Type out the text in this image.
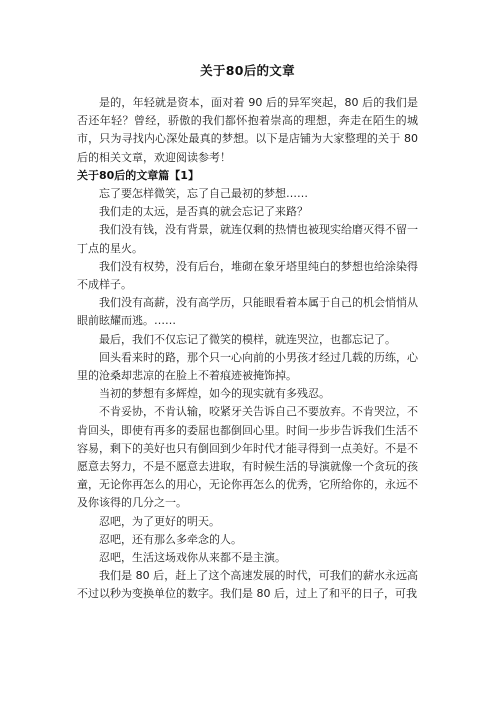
关于80后的文章

是的，年轻就是资本，面对着 90 后的异军突起，80 后的我们是否还年轻？曾经，骄傲的我们都怀抱着崇高的理想，奔走在陌生的城市，只为寻找内心深处最真的梦想。以下是店铺为大家整理的关于 80 后的相关文章，欢迎阅读参考！

关于80后的文章篇【1】

忘了要怎样微笑，忘了自己最初的梦想……

我们走的太远，是否真的就会忘记了来路？

我们没有钱，没有背景，就连仅剩的热情也被现实给磨灭得不留一丁点的星火。

我们没有权势，没有后台，堆砌在象牙塔里纯白的梦想也给涂染得不成样子。

我们没有高薪，没有高学历，只能眼看着本属于自己的机会悄悄从眼前眩耀而逃。……

最后，我们不仅忘记了微笑的模样，就连哭泣，也都忘记了。

回头看来时的路，那个只一心向前的小男孩才经过几载的历练，心里的沧桑却悲凉的在脸上不着痕迹被掩饰掉。

当初的梦想有多辉煌，如今的现实就有多残忍。

不肯妥协，不肯认输，咬紧牙关告诉自己不要放弃。不肯哭泣，不肯回头，即使有再多的委屈也都倒回心里。时间一步步告诉我们生活不容易，剩下的美好也只有倒回到少年时代才能寻得到一点美好。不是不愿意去努力，不是不愿意去进取，有时候生活的导演就像一个贪玩的孩童，无论你再怎么的用心，无论你再怎么的优秀，它所给你的，永远不及你该得的几分之一。

忍吧，为了更好的明天。

忍吧，还有那么多牵念的人。

忍吧，生活这场戏你从来都不是主演。

我们是 80 后，赶上了这个高速发展的时代，可我们的薪水永远高不过以秒为变换单位的数字。我们是 80 后，过上了和平的日子，可我
